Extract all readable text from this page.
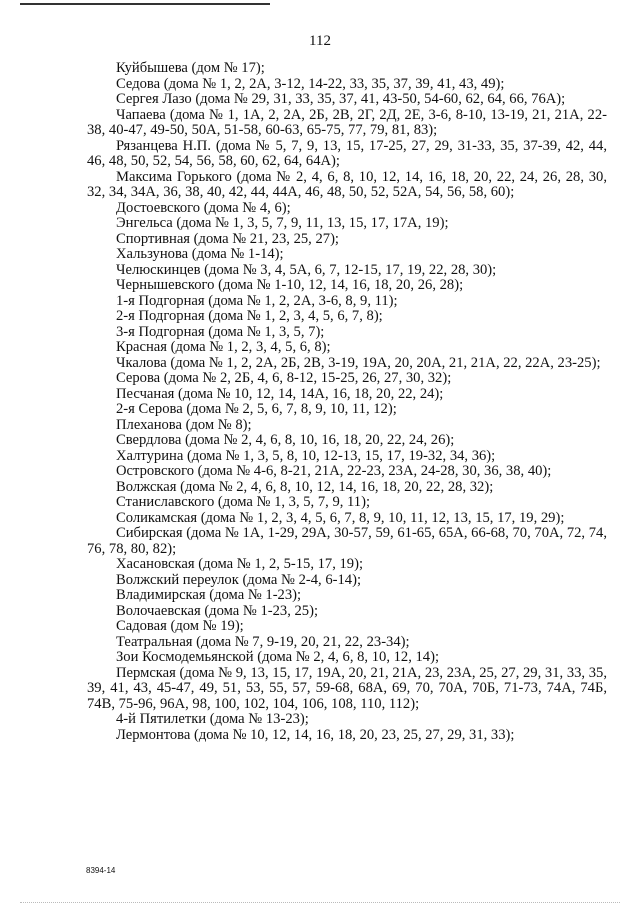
112

Куйбышева (дом № 17);

Седова (дома № 1, 2, 2А, 3-12, 14-22, 33, 35, 37, 39, 41, 43, 49);

Сергея Лазо (дома № 29, 31, 33, 35, 37, 41, 43-50, 54-60, 62, 64, 66, 76А);

Чапаева (дома № 1, 1А, 2, 2А, 2Б, 2В, 2Г, 2Д, 2Е, 3-6, 8-10, 13-19, 21, 21А, 22-38, 40-47, 49-50, 50А, 51-58, 60-63, 65-75, 77, 79, 81, 83);

Рязанцева Н.П. (дома № 5, 7, 9, 13, 15, 17-25, 27, 29, 31-33, 35, 37-39, 42, 44, 46, 48, 50, 52, 54, 56, 58, 60, 62, 64, 64А);

Максима Горького (дома № 2, 4, 6, 8, 10, 12, 14, 16, 18, 20, 22, 24, 26, 28, 30, 32, 34, 34А, 36, 38, 40, 42, 44, 44А, 46, 48, 50, 52, 52А, 54, 56, 58, 60);

Достоевского (дома № 4, 6);

Энгельса (дома № 1, 3, 5, 7, 9, 11, 13, 15, 17, 17А, 19);

Спортивная (дома № 21, 23, 25, 27);

Хальзунова (дома № 1-14);

Челюскинцев (дома № 3, 4, 5А, 6, 7, 12-15, 17, 19, 22, 28, 30);

Чернышевского (дома № 1-10, 12, 14, 16, 18, 20, 26, 28);

1-я Подгорная (дома № 1, 2, 2А, 3-6, 8, 9, 11);

2-я Подгорная (дома № 1, 2, 3, 4, 5, 6, 7, 8);

3-я Подгорная (дома № 1, 3, 5, 7);

Красная (дома № 1, 2, 3, 4, 5, 6, 8);

Чкалова (дома № 1, 2, 2А, 2Б, 2В, 3-19, 19А, 20, 20А, 21, 21А, 22, 22А, 23-25);

Серова (дома № 2, 2Б, 4, 6, 8-12, 15-25, 26, 27, 30, 32);

Песчаная (дома № 10, 12, 14, 14А, 16, 18, 20, 22, 24);

2-я Серова (дома № 2, 5, 6, 7, 8, 9, 10, 11, 12);

Плеханова (дом № 8);

Свердлова (дома № 2, 4, 6, 8, 10, 16, 18, 20, 22, 24, 26);

Халтурина (дома № 1, 3, 5, 8, 10, 12-13, 15, 17, 19-32, 34, 36);

Островского (дома № 4-6, 8-21, 21А, 22-23, 23А, 24-28, 30, 36, 38, 40);

Волжская (дома № 2, 4, 6, 8, 10, 12, 14, 16, 18, 20, 22, 28, 32);

Станиславского (дома № 1, 3, 5, 7, 9, 11);

Соликамская (дома № 1, 2, 3, 4, 5, 6, 7, 8, 9, 10, 11, 12, 13, 15, 17, 19, 29);

Сибирская (дома № 1А, 1-29, 29А, 30-57, 59, 61-65, 65А, 66-68, 70, 70А, 72, 74, 76, 78, 80, 82);

Хасановская (дома № 1, 2, 5-15, 17, 19);

Волжский переулок (дома № 2-4, 6-14);

Владимирская (дома № 1-23);

Волочаевская (дома № 1-23, 25);

Садовая (дом № 19);

Театральная (дома № 7, 9-19, 20, 21, 22, 23-34);

Зои Космодемьянской (дома № 2, 4, 6, 8, 10, 12, 14);

Пермская (дома № 9, 13, 15, 17, 19А, 20, 21, 21А, 23, 23А, 25, 27, 29, 31, 33, 35, 39, 41, 43, 45-47, 49, 51, 53, 55, 57, 59-68, 68А, 69, 70, 70А, 70Б, 71-73, 74А, 74Б, 74В, 75-96, 96А, 98, 100, 102, 104, 106, 108, 110, 112);

4-й Пятилетки (дома № 13-23);

Лермонтова (дома № 10, 12, 14, 16, 18, 20, 23, 25, 27, 29, 31, 33);

8394-14
